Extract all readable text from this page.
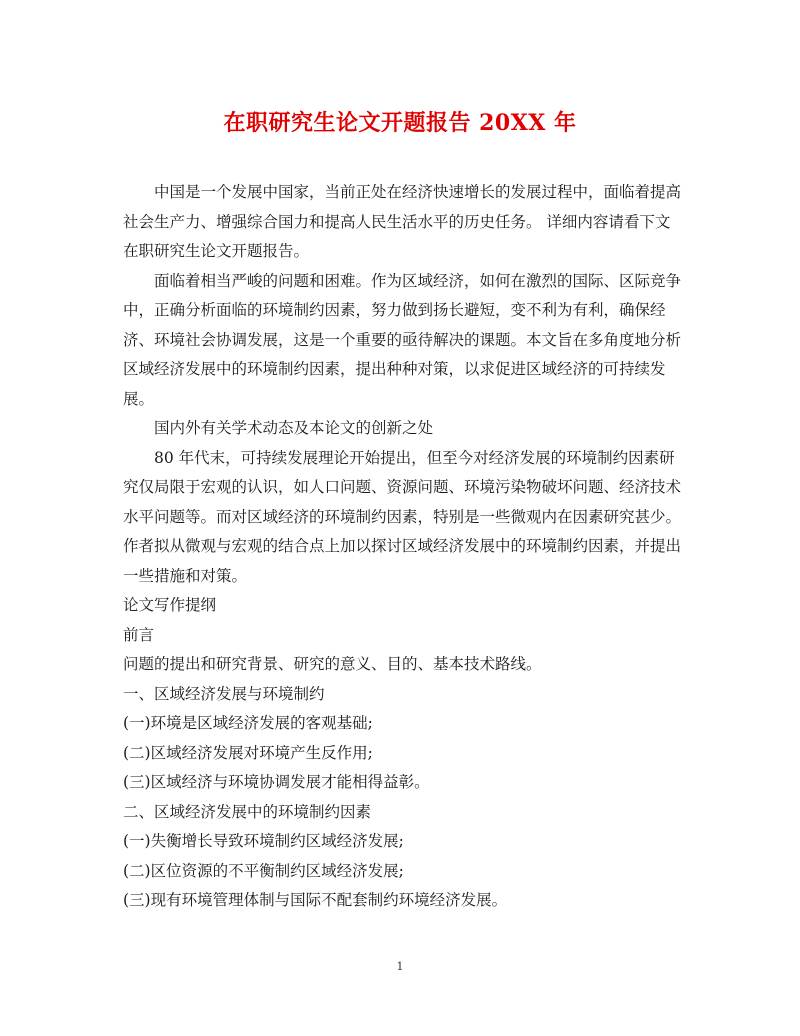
在职研究生论文开题报告 20XX 年

中国是一个发展中国家，当前正处在经济快速增长的发展过程中，面临着提高社会生产力、增强综合国力和提高人民生活水平的历史任务。 详细内容请看下文在职研究生论文开题报告。

面临着相当严峻的问题和困难。作为区域经济，如何在激烈的国际、区际竞争中，正确分析面临的环境制约因素，努力做到扬长避短，变不利为有利，确保经济、环境社会协调发展，这是一个重要的亟待解决的课题。本文旨在多角度地分析区域经济发展中的环境制约因素，提出种种对策，以求促进区域经济的可持续发展。

国内外有关学术动态及本论文的创新之处

80 年代末，可持续发展理论开始提出，但至今对经济发展的环境制约因素研究仅局限于宏观的认识，如人口问题、资源问题、环境污染物破坏问题、经济技术水平问题等。而对区域经济的环境制约因素，特别是一些微观内在因素研究甚少。作者拟从微观与宏观的结合点上加以探讨区域经济发展中的环境制约因素，并提出一些措施和对策。

论文写作提纲

前言

问题的提出和研究背景、研究的意义、目的、基本技术路线。

一、区域经济发展与环境制约

(一)环境是区域经济发展的客观基础;

(二)区域经济发展对环境产生反作用;

(三)区域经济与环境协调发展才能相得益彰。

二、区域经济发展中的环境制约因素

(一)失衡增长导致环境制约区域经济发展;

(二)区位资源的不平衡制约区域经济发展;

(三)现有环境管理体制与国际不配套制约环境经济发展。

1
